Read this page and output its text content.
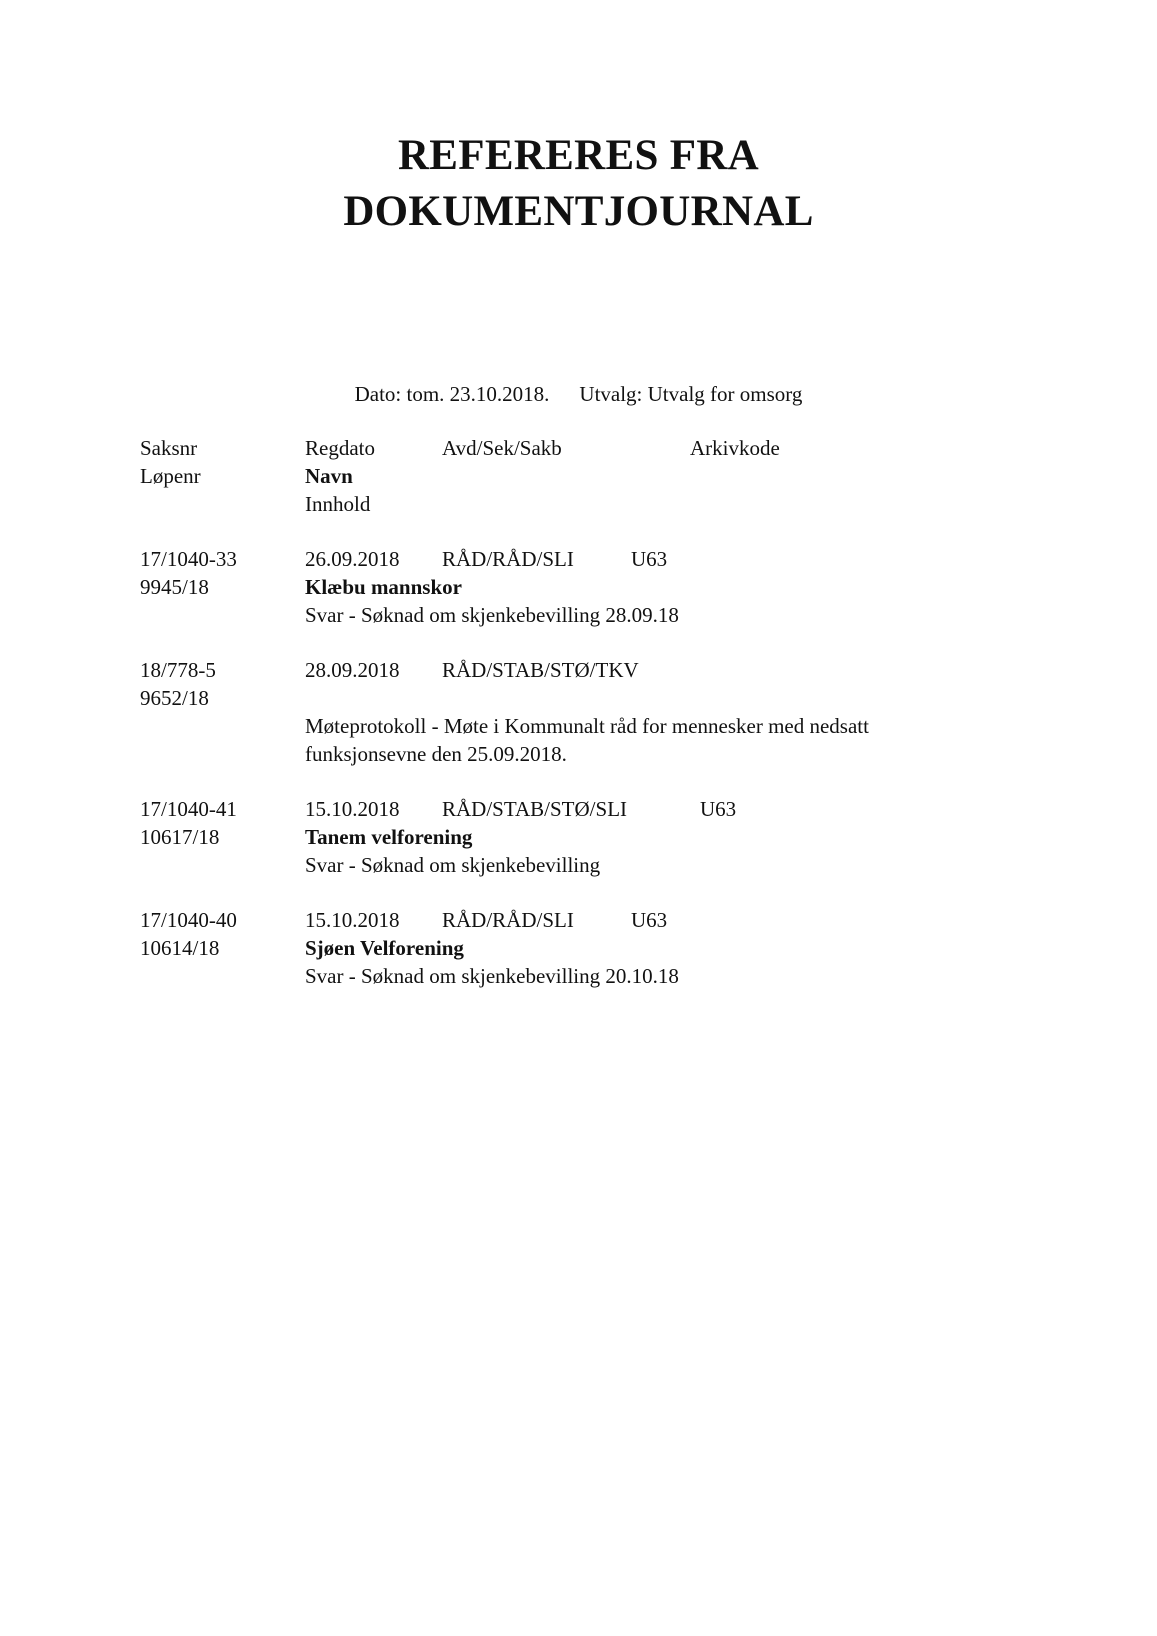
REFERERES FRA
DOKUMENTJOURNAL
Dato: tom. 23.10.2018. Utvalg: Utvalg for omsorg
Saksnr	Regdato	Avd/Sek/Sakb	Arkivkode
Løpenr	Navn
Innhold
17/1040-33	26.09.2018 RÅD/RÅD/SLI	U63
9945/18	Klæbu mannskor
Svar - Søknad om skjenkebevilling 28.09.18
18/778-5	28.09.2018 RÅD/STAB/STØ/TKV
9652/18
Møteprotokoll - Møte i Kommunalt råd for mennesker med nedsatt
funksjonsevne den 25.09.2018.
17/1040-41	15.10.2018 RÅD/STAB/STØ/SLI	U63
10617/18	Tanem velforening
Svar - Søknad om skjenkebevilling
17/1040-40	15.10.2018 RÅD/RÅD/SLI	U63
10614/18	Sjøen Velforening
Svar - Søknad om skjenkebevilling 20.10.18
